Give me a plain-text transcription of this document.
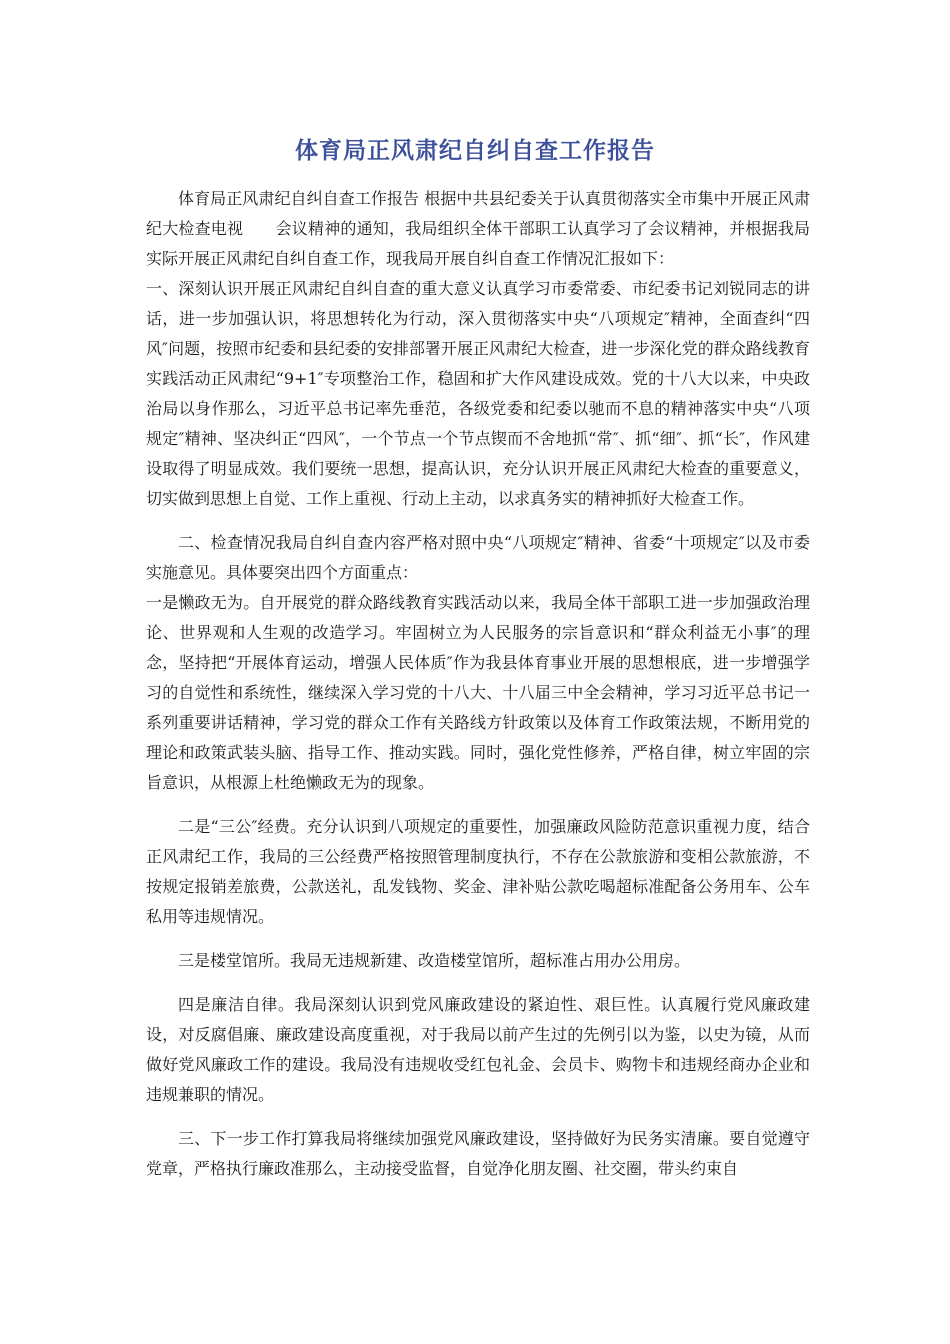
体育局正风肃纪自纠自查工作报告

体育局正风肃纪自纠自查工作报告 根据中共县纪委关于认真贯彻落实全市集中开展正风肃纪大检查电视　　会议精神的通知，我局组织全体干部职工认真学习了会议精神，并根据我局实际开展正风肃纪自纠自查工作，现我局开展自纠自查工作情况汇报如下：

一、深刻认识开展正风肃纪自纠自查的重大意义认真学习市委常委、市纪委书记刘锐同志的讲话，进一步加强认识，将思想转化为行动，深入贯彻落实中央“八项规定″精神，全面查纠“四风″问题，按照市纪委和县纪委的安排部署开展正风肃纪大检查，进一步深化党的群众路线教育实践活动正风肃纪“9+1″专项整治工作，稳固和扩大作风建设成效。党的十八大以来，中央政治局以身作那么，习近平总书记率先垂范，各级党委和纪委以驰而不息的精神落实中央“八项规定″精神、坚决纠正“四风″，一个节点一个节点锲而不舍地抓“常″、抓“细″、抓“长″，作风建设取得了明显成效。我们要统一思想，提高认识，充分认识开展正风肃纪大检查的重要意义，切实做到思想上自觉、工作上重视、行动上主动，以求真务实的精神抓好大检查工作。

二、检查情况我局自纠自查内容严格对照中央“八项规定″精神、省委“十项规定″以及市委实施意见。具体要突出四个方面重点：

一是懒政无为。自开展党的群众路线教育实践活动以来，我局全体干部职工进一步加强政治理论、世界观和人生观的改造学习。牢固树立为人民服务的宗旨意识和“群众利益无小事″的理念，坚持把“开展体育运动，增强人民体质″作为我县体育事业开展的思想根底，进一步增强学习的自觉性和系统性，继续深入学习党的十八大、十八届三中全会精神，学习习近平总书记一系列重要讲话精神，学习党的群众工作有关路线方针政策以及体育工作政策法规，不断用党的理论和政策武装头脑、指导工作、推动实践。同时，强化党性修养，严格自律，树立牢固的宗旨意识，从根源上杜绝懒政无为的现象。

二是“三公″经费。充分认识到八项规定的重要性，加强廉政风险防范意识重视力度，结合正风肃纪工作，我局的三公经费严格按照管理制度执行，不存在公款旅游和变相公款旅游，不按规定报销差旅费，公款送礼，乱发钱物、奖金、津补贴公款吃喝超标准配备公务用车、公车私用等违规情况。

三是楼堂馆所。我局无违规新建、改造楼堂馆所，超标准占用办公用房。

四是廉洁自律。我局深刻认识到党风廉政建设的紧迫性、艰巨性。认真履行党风廉政建设，对反腐倡廉、廉政建设高度重视，对于我局以前产生过的先例引以为鉴，以史为镜，从而做好党风廉政工作的建设。我局没有违规收受红包礼金、会员卡、购物卡和违规经商办企业和违规兼职的情况。

三、下一步工作打算我局将继续加强党风廉政建设，坚持做好为民务实清廉。要自觉遵守党章，严格执行廉政准那么，主动接受监督，自觉净化朋友圈、社交圈，带头约束自
